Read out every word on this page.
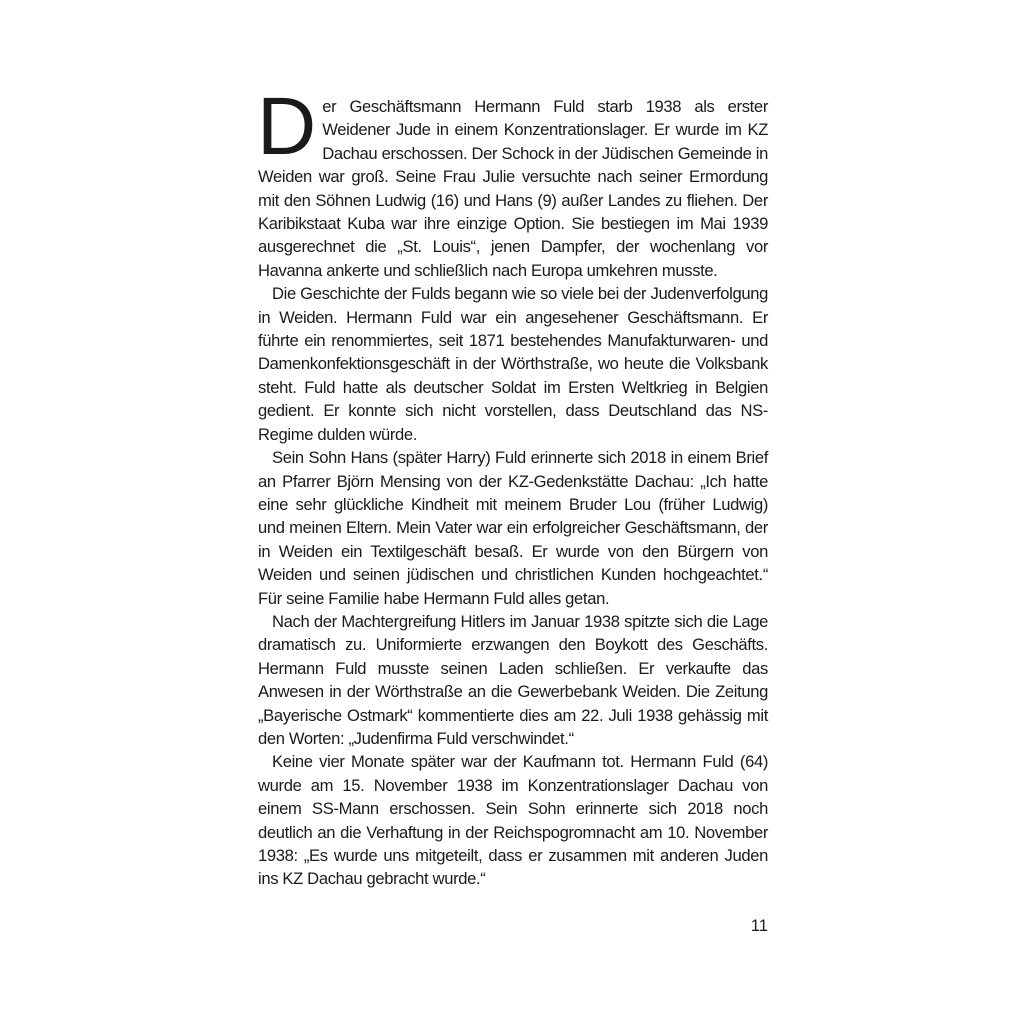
D er Geschäftsmann Hermann Fuld starb 1938 als erster Weidener Jude in einem Konzentrationslager. Er wurde im KZ Dachau erschossen. Der Schock in der Jüdischen Gemeinde in Weiden war groß. Seine Frau Julie versuchte nach seiner Ermordung mit den Söhnen Ludwig (16) und Hans (9) außer Landes zu fliehen. Der Karibikstaat Kuba war ihre einzige Option. Sie bestiegen im Mai 1939 ausgerechnet die „St. Louis“, jenen Dampfer, der wochenlang vor Havanna ankerte und schließlich nach Europa umkehren musste.

Die Geschichte der Fulds begann wie so viele bei der Judenverfolgung in Weiden. Hermann Fuld war ein angesehener Geschäftsmann. Er führte ein renommiertes, seit 1871 bestehendes Manufakturwaren- und Damenkonfektionsgeschäft in der Wörthstraße, wo heute die Volksbank steht. Fuld hatte als deutscher Soldat im Ersten Weltkrieg in Belgien gedient. Er konnte sich nicht vorstellen, dass Deutschland das NS-Regime dulden würde.

Sein Sohn Hans (später Harry) Fuld erinnerte sich 2018 in einem Brief an Pfarrer Björn Mensing von der KZ-Gedenkstätte Dachau: „Ich hatte eine sehr glückliche Kindheit mit meinem Bruder Lou (früher Ludwig) und meinen Eltern. Mein Vater war ein erfolgreicher Geschäftsmann, der in Weiden ein Textilgeschäft besaß. Er wurde von den Bürgern von Weiden und seinen jüdischen und christlichen Kunden hochgeachtet.“ Für seine Familie habe Hermann Fuld alles getan.

Nach der Machtergreifung Hitlers im Januar 1938 spitzte sich die Lage dramatisch zu. Uniformierte erzwangen den Boykott des Geschäfts. Hermann Fuld musste seinen Laden schließen. Er verkaufte das Anwesen in der Wörthstraße an die Gewerbebank Weiden. Die Zeitung „Bayerische Ostmark“ kommentierte dies am 22. Juli 1938 gehässig mit den Worten: „Judenfirma Fuld verschwindet.“

Keine vier Monate später war der Kaufmann tot. Hermann Fuld (64) wurde am 15. November 1938 im Konzentrationslager Dachau von einem SS-Mann erschossen. Sein Sohn erinnerte sich 2018 noch deutlich an die Verhaftung in der Reichspogromnacht am 10. November 1938: „Es wurde uns mitgeteilt, dass er zusammen mit anderen Juden ins KZ Dachau gebracht wurde.“

11
